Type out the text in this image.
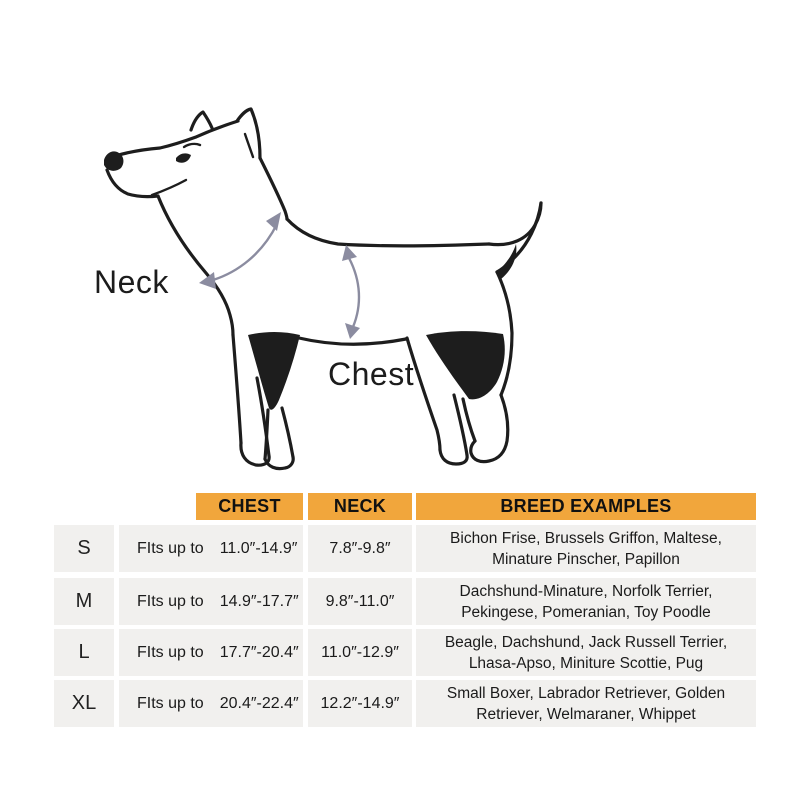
Neck
Chest
CHEST	NECK	BREED EXAMPLES
S	FIts up to 11.0″-14.9″	7.8″-9.8″
Bichon Frise, Brussels Griffon, Maltese,
Minature Pinscher, Papillon
M	FIts up to 14.9″-17.7″	9.8″-11.0″
Dachshund-Minature, Norfolk Terrier,
Pekingese, Pomeranian, Toy Poodle
L	FIts up to 17.7″-20.4″	11.0″-12.9″
Beagle, Dachshund, Jack Russell Terrier,
Lhasa-Apso, Miniture Scottie, Pug
XL	FIts up to 20.4″-22.4″	12.2″-14.9″
Small Boxer, Labrador Retriever, Golden
Retriever, Welmaraner, Whippet
